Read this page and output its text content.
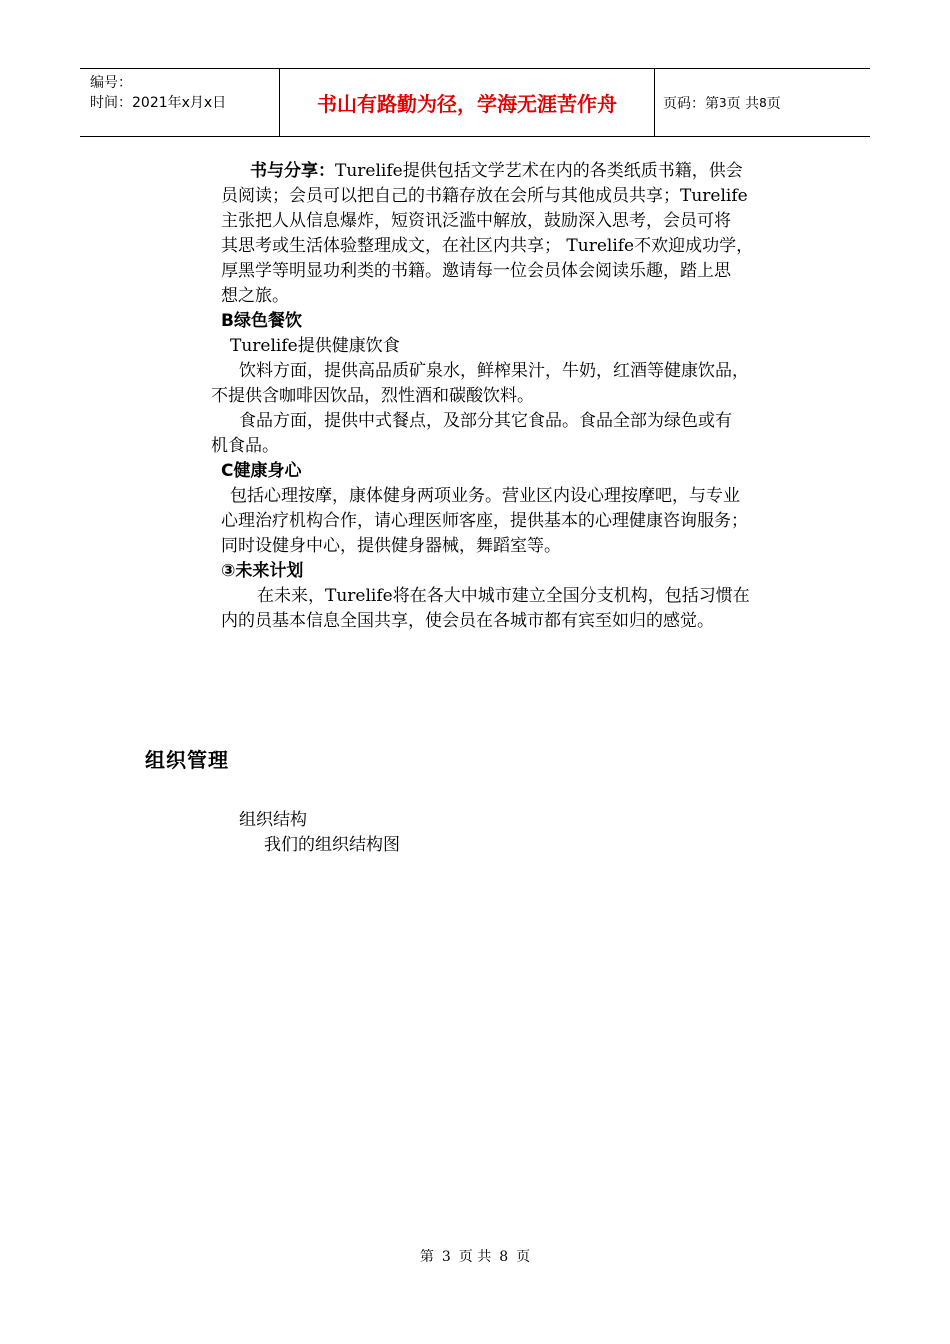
编号：
时间：2021年x月x日	书山有路勤为径，学海无涯苦作舟	页码：第 3 页 共 8 页
书与分享：Turelife提供包括文学艺术在内的各类纸质书籍，供会
员阅读；会员可以把自己的书籍存放在会所与其他成员共享；Turelife
主张把人从信息爆炸，短资讯泛滥中解放，鼓励深入思考，会员可将
其思考或生活体验整理成文，在社区内共享； Turelife不欢迎成功学，
厚黑学等明显功利类的书籍。邀请每一位会员体会阅读乐趣，踏上思
想之旅。
B绿色餐饮
Turelife提供健康饮食
饮料方面，提供高品质矿泉水，鲜榨果汁，牛奶，红酒等健康饮品，
不提供含咖啡因饮品，烈性酒和碳酸饮料。
食品方面，提供中式餐点，及部分其它食品。食品全部为绿色或有
机食品。
C健康身心
包括心理按摩，康体健身两项业务。营业区内设心理按摩吧，与专业
心理治疗机构合作，请心理医师客座，提供基本的心理健康咨询服务；
同时设健身中心，提供健身器械，舞蹈室等。
③未来计划
在未来，Turelife将在各大中城市建立全国分支机构，包括习惯在
内的员基本信息全国共享，使会员在各城市都有宾至如归的感觉。
组织管理
组织结构
我们的组织结构图
第 3 页 共 8 页
